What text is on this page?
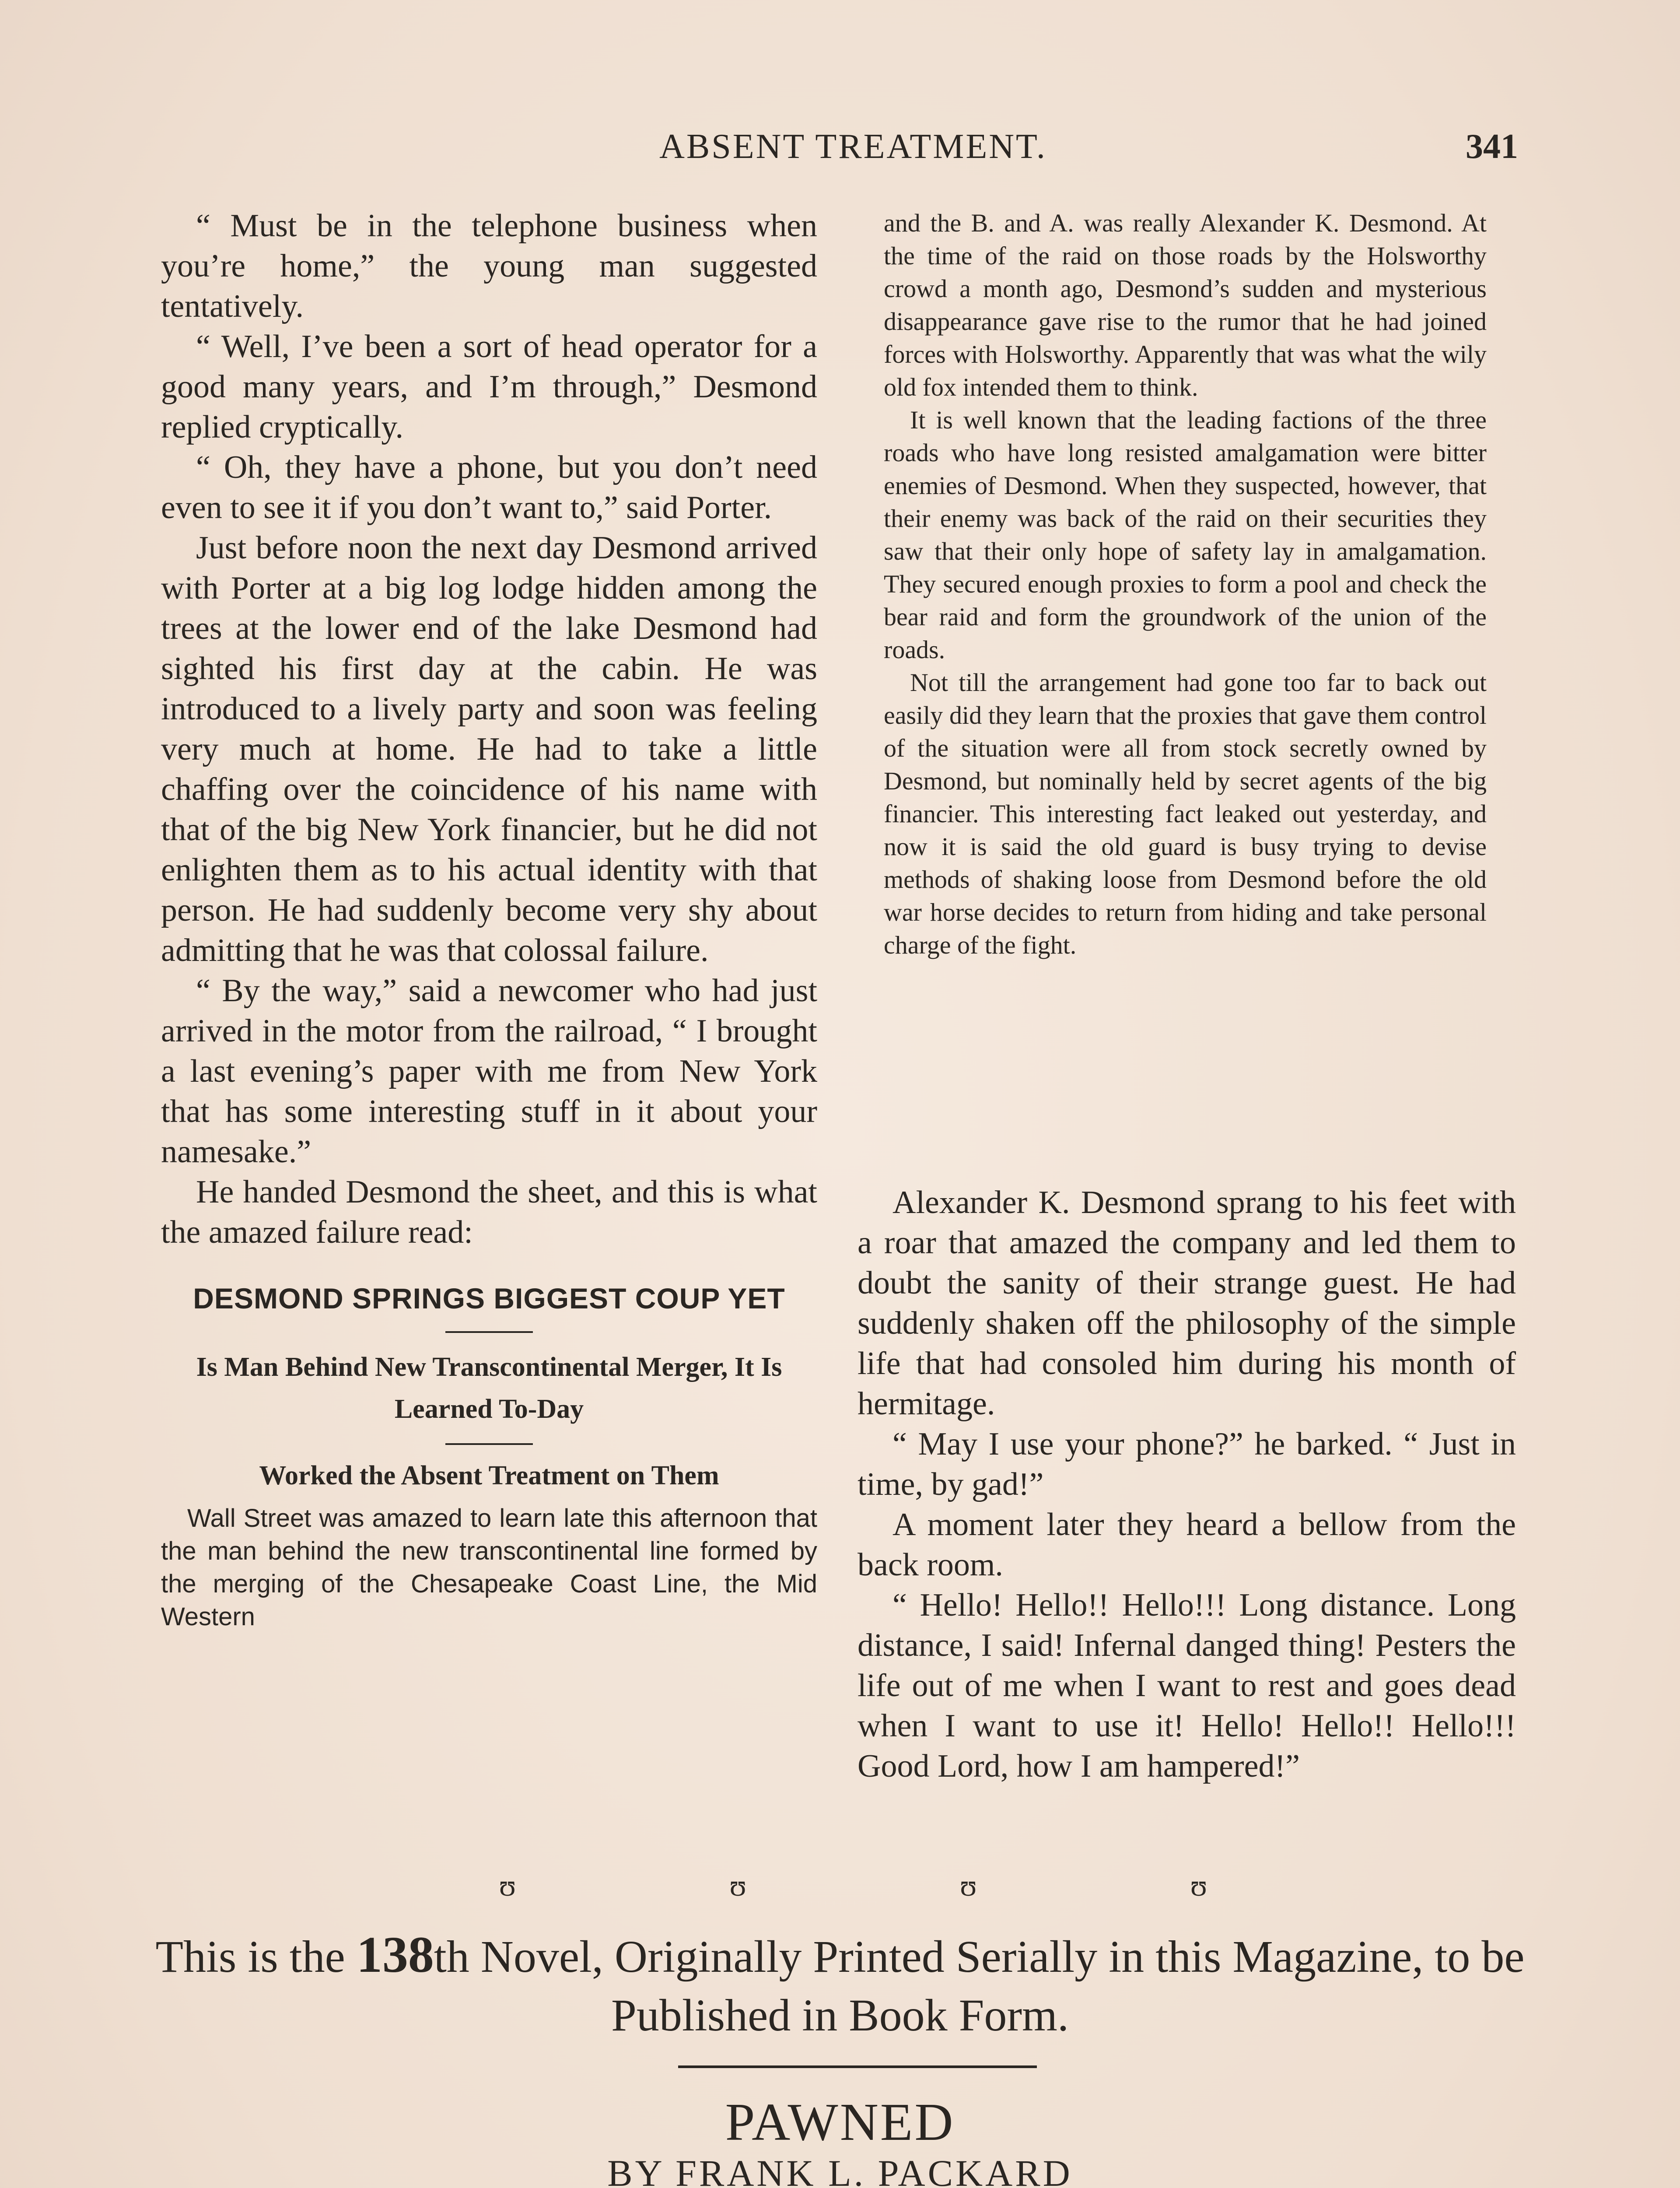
ABSENT TREATMENT.	341

“ Must be in the telephone business when you’re home,” the young man suggested tentatively.

“ Well, I’ve been a sort of head operator for a good many years, and I’m through,” Desmond replied cryptically.

“ Oh, they have a phone, but you don’t need even to see it if you don’t want to,” said Porter.

Just before noon the next day Desmond arrived with Porter at a big log lodge hidden among the trees at the lower end of the lake Desmond had sighted his first day at the cabin. He was introduced to a lively party and soon was feeling very much at home. He had to take a little chaffing over the coincidence of his name with that of the big New York financier, but he did not enlighten them as to his actual identity with that person. He had suddenly become very shy about admitting that he was that colossal failure.

“ By the way,” said a newcomer who had just arrived in the motor from the railroad, “ I brought a last evening’s paper with me from New York that has some interesting stuff in it about your namesake.”

He handed Desmond the sheet, and this is what the amazed failure read:

DESMOND SPRINGS BIGGEST COUP YET
Is Man Behind New Transcontinental Merger, It Is Learned To-Day
Worked the Absent Treatment on Them

Wall Street was amazed to learn late this afternoon that the man behind the new transcontinental line formed by the merging of the Chesapeake Coast Line, the Mid Western

and the B. and A. was really Alexander K. Desmond. At the time of the raid on those roads by the Holsworthy crowd a month ago, Desmond’s sudden and mysterious disappearance gave rise to the rumor that he had joined forces with Holsworthy. Apparently that was what the wily old fox intended them to think.

It is well known that the leading factions of the three roads who have long resisted amalgamation were bitter enemies of Desmond. When they suspected, however, that their enemy was back of the raid on their securities they saw that their only hope of safety lay in amalgamation. They secured enough proxies to form a pool and check the bear raid and form the groundwork of the union of the roads.

Not till the arrangement had gone too far to back out easily did they learn that the proxies that gave them control of the situation were all from stock secretly owned by Desmond, but nominally held by secret agents of the big financier. This interesting fact leaked out yesterday, and now it is said the old guard is busy trying to devise methods of shaking loose from Desmond before the old war horse decides to return from hiding and take personal charge of the fight.

Alexander K. Desmond sprang to his feet with a roar that amazed the company and led them to doubt the sanity of their strange guest. He had suddenly shaken off the philosophy of the simple life that had consoled him during his month of hermitage.

“ May I use your phone?” he barked. “ Just in time, by gad!”

A moment later they heard a bellow from the back room.

“ Hello! Hello!! Hello!!! Long distance. Long distance, I said! Infernal danged thing! Pesters the life out of me when I want to rest and goes dead when I want to use it! Hello! Hello!! Hello!!! Good Lord, how I am hampered!”

ʊ	ʊ	ʊ	ʊ
This is the 138th Novel, Originally Printed Serially in this Magazine, to be Published in Book Form.
PAWNED
BY FRANK L. PACKARD
